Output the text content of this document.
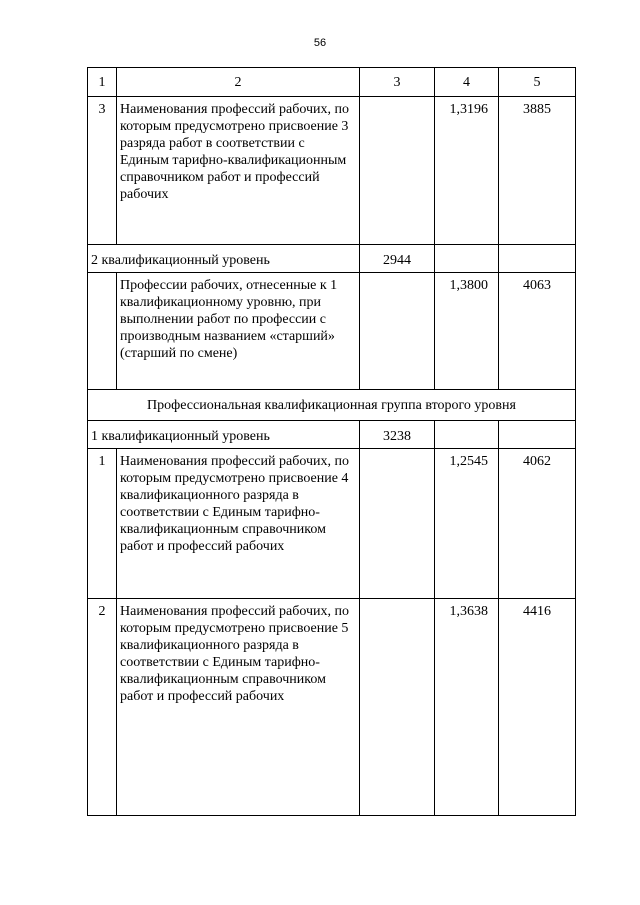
56
1	2	3	4	5
3	Наименования профессий рабочих, по которым предусмотрено присвоение 3 разряда работ в соответствии с Единым тарифно-квалификационным справочником работ и профессий рабочих		1,3196	3885
2 квалификационный уровень		2944		
	Профессии рабочих, отнесенные к 1 квалификационному уровню, при выполнении работ по профессии с производным названием «старший» (старший по смене)		1,3800	4063
Профессиональная квалификационная группа второго уровня				
1 квалификационный уровень		3238		
1	Наименования профессий рабочих, по которым предусмотрено присвоение 4 квалификационного разряда в соответствии с Единым тарифно-квалификационным справочником работ и профессий рабочих		1,2545	4062
2	Наименования профессий рабочих, по которым предусмотрено присвоение 5 квалификационного разряда в соответствии с Единым тарифно-квалификационным справочником работ и профессий рабочих		1,3638	4416
